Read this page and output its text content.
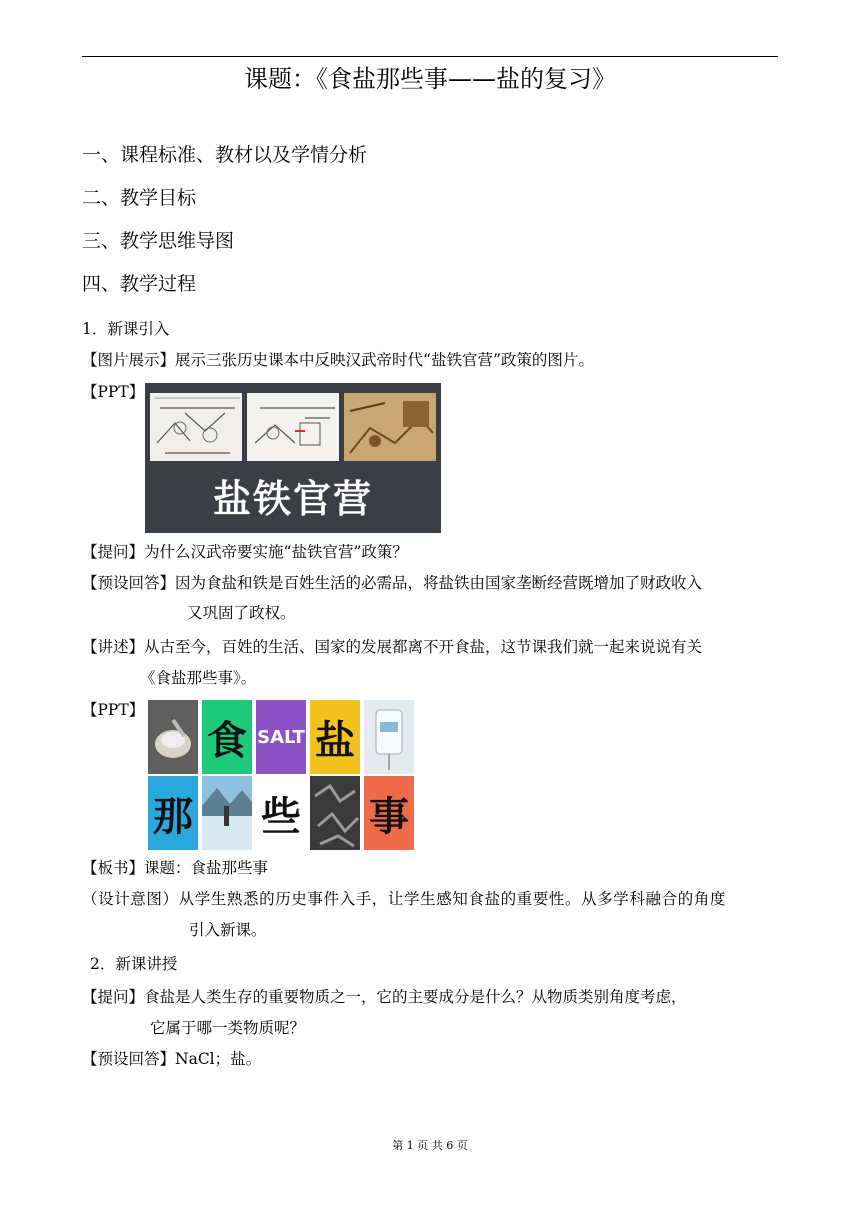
课题：《食盐那些事——盐的复习》
一、课程标准、教材以及学情分析
二、教学目标
三、教学思维导图
四、教学过程
1．新课引入
【图片展示】展示三张历史课本中反映汉武帝时代“盐铁官营”政策的图片。
【PPT】
盐铁官营
【提问】为什么汉武帝要实施“盐铁官营”政策？
【预设回答】因为食盐和铁是百姓生活的必需品，将盐铁由国家垄断经营既增加了财政收入
又巩固了政权。
【讲述】从古至今，百姓的生活、国家的发展都离不开食盐，这节课我们就一起来说说有关
《食盐那些事》。
【PPT】
食 SALT 盐
那 些 事
【板书】课题：食盐那些事
（设计意图）从学生熟悉的历史事件入手，让学生感知食盐的重要性。从多学科融合的角度
引入新课。
2．新课讲授
【提问】食盐是人类生存的重要物质之一，它的主要成分是什么？从物质类别角度考虑，
它属于哪一类物质呢？
【预设回答】NaCl；盐。
第 1 页 共 6 页
